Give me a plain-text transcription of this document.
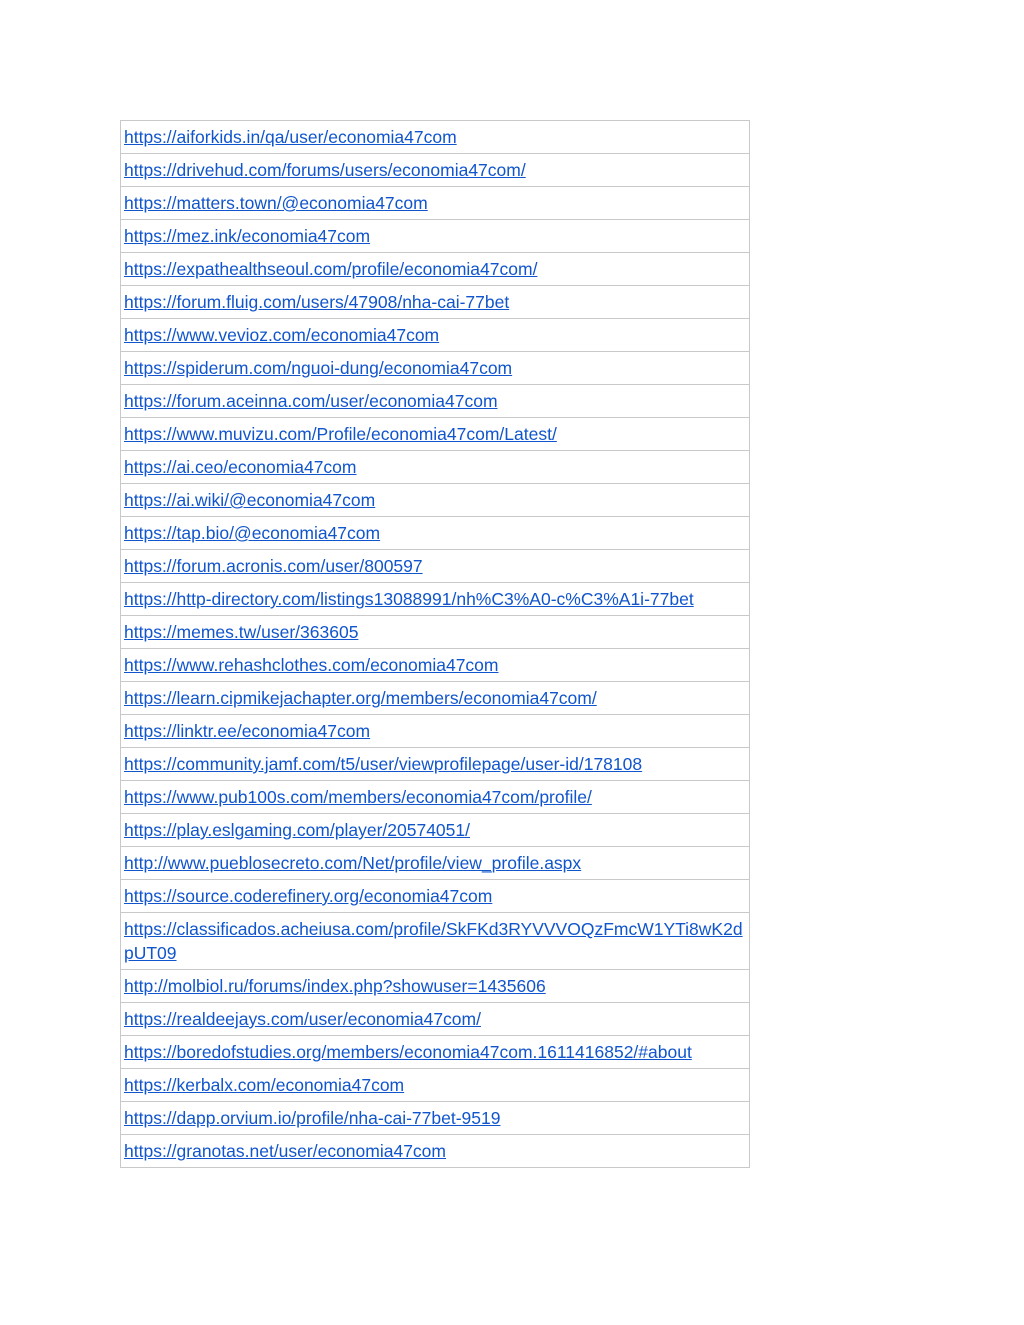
https://aiforkids.in/qa/user/economia47com
https://drivehud.com/forums/users/economia47com/
https://matters.town/@economia47com
https://mez.ink/economia47com
https://expathealthseoul.com/profile/economia47com/
https://forum.fluig.com/users/47908/nha-cai-77bet
https://www.vevioz.com/economia47com
https://spiderum.com/nguoi-dung/economia47com
https://forum.aceinna.com/user/economia47com
https://www.muvizu.com/Profile/economia47com/Latest/
https://ai.ceo/economia47com
https://ai.wiki/@economia47com
https://tap.bio/@economia47com
https://forum.acronis.com/user/800597
https://http-directory.com/listings13088991/nh%C3%A0-c%C3%A1i-77bet
https://memes.tw/user/363605
https://www.rehashclothes.com/economia47com
https://learn.cipmikejachapter.org/members/economia47com/
https://linktr.ee/economia47com
https://community.jamf.com/t5/user/viewprofilepage/user-id/178108
https://www.pub100s.com/members/economia47com/profile/
https://play.eslgaming.com/player/20574051/
http://www.pueblosecreto.com/Net/profile/view_profile.aspx
https://source.coderefinery.org/economia47com
https://classificados.acheiusa.com/profile/SkFKd3RYVVVOQzFmcW1YTi8wK2dpUT09
http://molbiol.ru/forums/index.php?showuser=1435606
https://realdeejays.com/user/economia47com/
https://boredofstudies.org/members/economia47com.1611416852/#about
https://kerbalx.com/economia47com
https://dapp.orvium.io/profile/nha-cai-77bet-9519
https://granotas.net/user/economia47com
